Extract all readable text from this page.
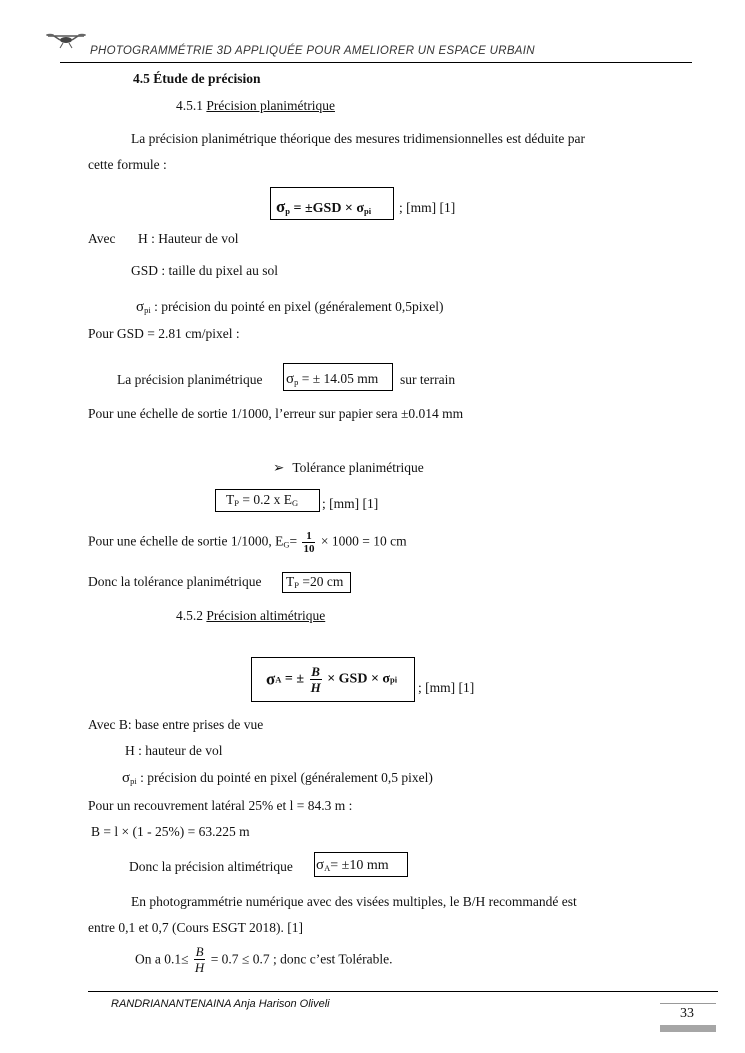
PHOTOGRAMMÉTRIE 3D APPLIQUÉE POUR AMELIORER UN ESPACE URBAIN
4.5 Étude de précision
4.5.1 Précision planimétrique
La précision planimétrique théorique des mesures tridimensionnelles est déduite par
cette formule :
$\sigma_p = \pm GSD \times \sigma_{pi}$ ; [mm] [1]
Avec H : Hauteur de vol
GSD : taille du pixel au sol
$\sigma_{pi}$ : précision du pointé en pixel (généralement 0,5pixel)
Pour GSD = 2.81 cm/pixel :
La précision planimétrique $\sigma_p$ = ± 14.05 mm sur terrain
Pour une échelle de sortie 1/1000, l’erreur sur papier sera ±0.014 mm
➢ Tolérance planimétrique
$T_P = 0.2$ x $E_G$ ; [mm] [1]
Pour une échelle de sortie 1/1000, $E_G= \frac{1}{10} \times 1000 = 10$ cm
Donc la tolérance planimétrique $T_P =20$ cm
4.5.2 Précision altimétrique
σA = ± $\frac{B}{H}$ × GSD × σpi
; [mm] [1]
Avec B: base entre prises de vue
H : hauteur de vol
$\sigma_{pi}$ : précision du pointé en pixel (généralement 0,5 pixel)
Pour un recouvrement latéral 25% et l = 84.3 m :
B = l × (1 - 25%) = 63.225 m
Donc la précision altimétrique $\sigma_A= \pm 10$ mm
En photogrammétrie numérique avec des visées multiples, le B/H recommandé est
entre 0,1 et 0,7 (Cours ESGT 2018). [1]
On a $0.1\le \frac{B}{H} = 0.7 \le 0.7$ ; donc c’est Tolérable.
RANDRIANANTENAINA Anja Harison Oliveli
33
